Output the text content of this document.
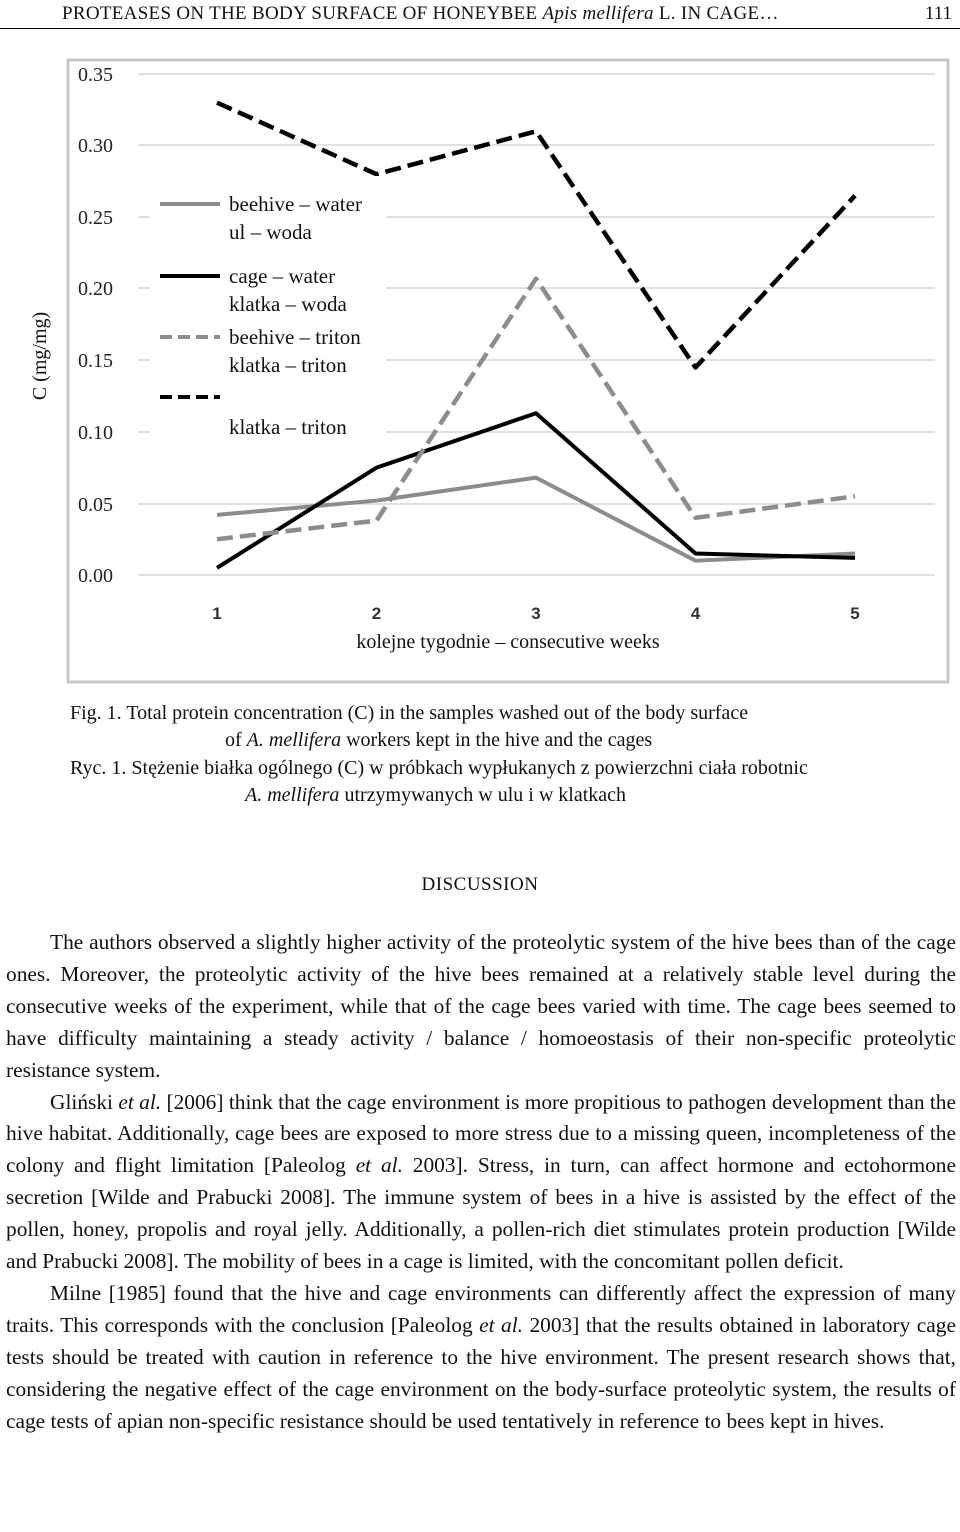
PROTEASES ON THE BODY SURFACE OF HONEYBEE Apis mellifera L. IN CAGE…	111
0.00
0.05
0.10
0.15
0.20
0.25
0.30
0.35
1	2	3	4	5
beehive – water
ul – woda
cage – water
klatka – woda
beehive – triton
klatka – triton
klatka – triton
C (mg/mg)
kolejne tygodnie – consecutive weeks
Fig. 1. Total protein concentration (C) in the samples washed out of the body surface
of A. mellifera workers kept in the hive and the cages
Ryc. 1. Stężenie białka ogólnego (C) w próbkach wypłukanych z powierzchni ciała robotnic
A. mellifera utrzymywanych w ulu i w klatkach
DISCUSSION

The authors observed a slightly higher activity of the proteolytic system of the hive bees than of the cage ones. Moreover, the proteolytic activity of the hive bees remained at a relatively stable level during the consecutive weeks of the experiment, while that of the cage bees varied with time. The cage bees seemed to have difficulty maintaining a steady activity / balance / homoeostasis of their non-specific proteolytic resistance system.

Gliński et al. [2006] think that the cage environment is more propitious to pathogen development than the hive habitat. Additionally, cage bees are exposed to more stress due to a missing queen, incompleteness of the colony and flight limitation [Paleolog et al. 2003]. Stress, in turn, can affect hormone and ectohormone secretion [Wilde and Prabucki 2008]. The immune system of bees in a hive is assisted by the effect of the pollen, honey, propolis and royal jelly. Additionally, a pollen-rich diet stimulates protein production [Wilde and Prabucki 2008]. The mobility of bees in a cage is limited, with the concomitant pollen deficit.

Milne [1985] found that the hive and cage environments can differently affect the expression of many traits. This corresponds with the conclusion [Paleolog et al. 2003] that the results obtained in laboratory cage tests should be treated with caution in reference to the hive environment. The present research shows that, considering the negative effect of the cage environment on the body-surface proteolytic system, the results of cage tests of apian non-specific resistance should be used tentatively in reference to bees kept in hives.
